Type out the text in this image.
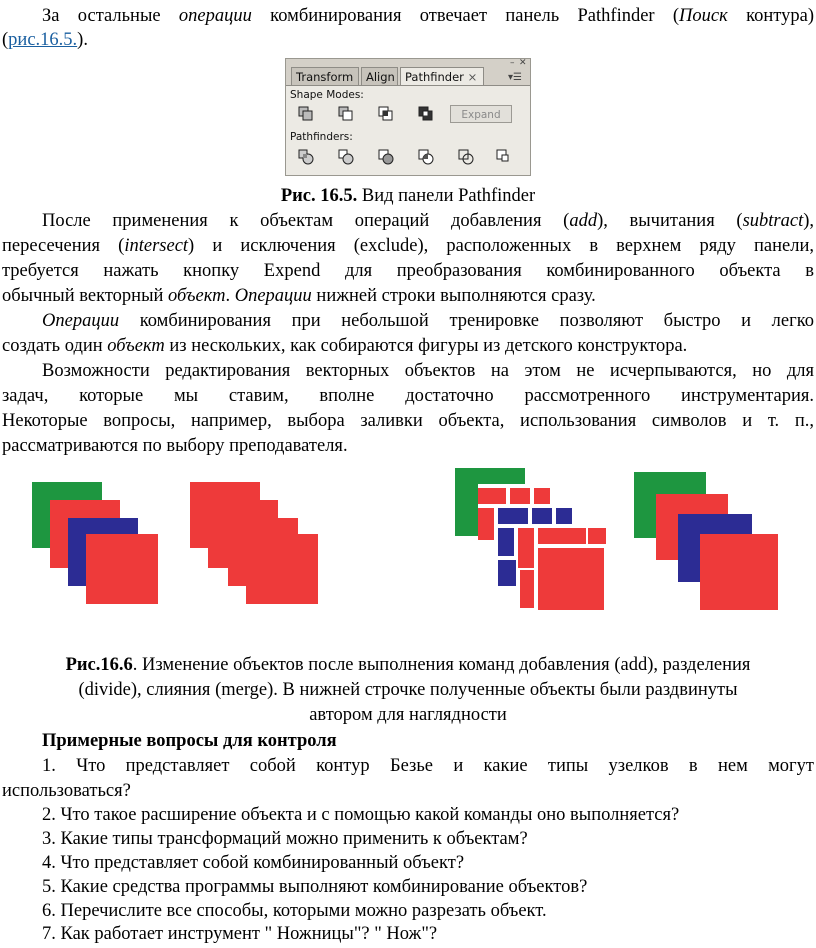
За остальные операции комбинирования отвечает панель Pathfinder (Поиск контура)
(рис.16.5.).
– ✕
Transform	Align Pathfinder ×	▾☰
Shape Modes:
Expand
Pathfinders:
Рис. 16.5. Вид панели Pathfinder
После применения к объектам операций добавления (add), вычитания (subtract),
пересечения (intersect) и исключения (exclude), расположенных в верхнем ряду панели,
требуется нажать кнопку Expend для преобразования комбинированного объекта в
обычный векторный объект. Операции нижней строки выполняются сразу.
Операции комбинирования при небольшой тренировке позволяют быстро и легко
создать один объект из нескольких, как собираются фигуры из детского конструктора.
Возможности редактирования векторных объектов на этом не исчерпываются, но для
задач, которые мы ставим, вполне достаточно рассмотренного инструментария.
Некоторые вопросы, например, выбора заливки объекта, использования символов и т. п.,
рассматриваются по выбору преподавателя.
Рис.16.6. Изменение объектов после выполнения команд добавления (add), разделения
(divide), слияния (merge). В нижней строчке полученные объекты были раздвинуты
автором для наглядности
Примерные вопросы для контроля
1. Что представляет собой контур Безье и какие типы узелков в нем могут
использоваться?
2. Что такое расширение объекта и с помощью какой команды оно выполняется?
3. Какие типы трансформаций можно применить к объектам?
4. Что представляет собой комбинированный объект?
5. Какие средства программы выполняют комбинирование объектов?
6. Перечислите все способы, которыми можно разрезать объект.
7. Как работает инструмент " Ножницы"? " Нож"?
